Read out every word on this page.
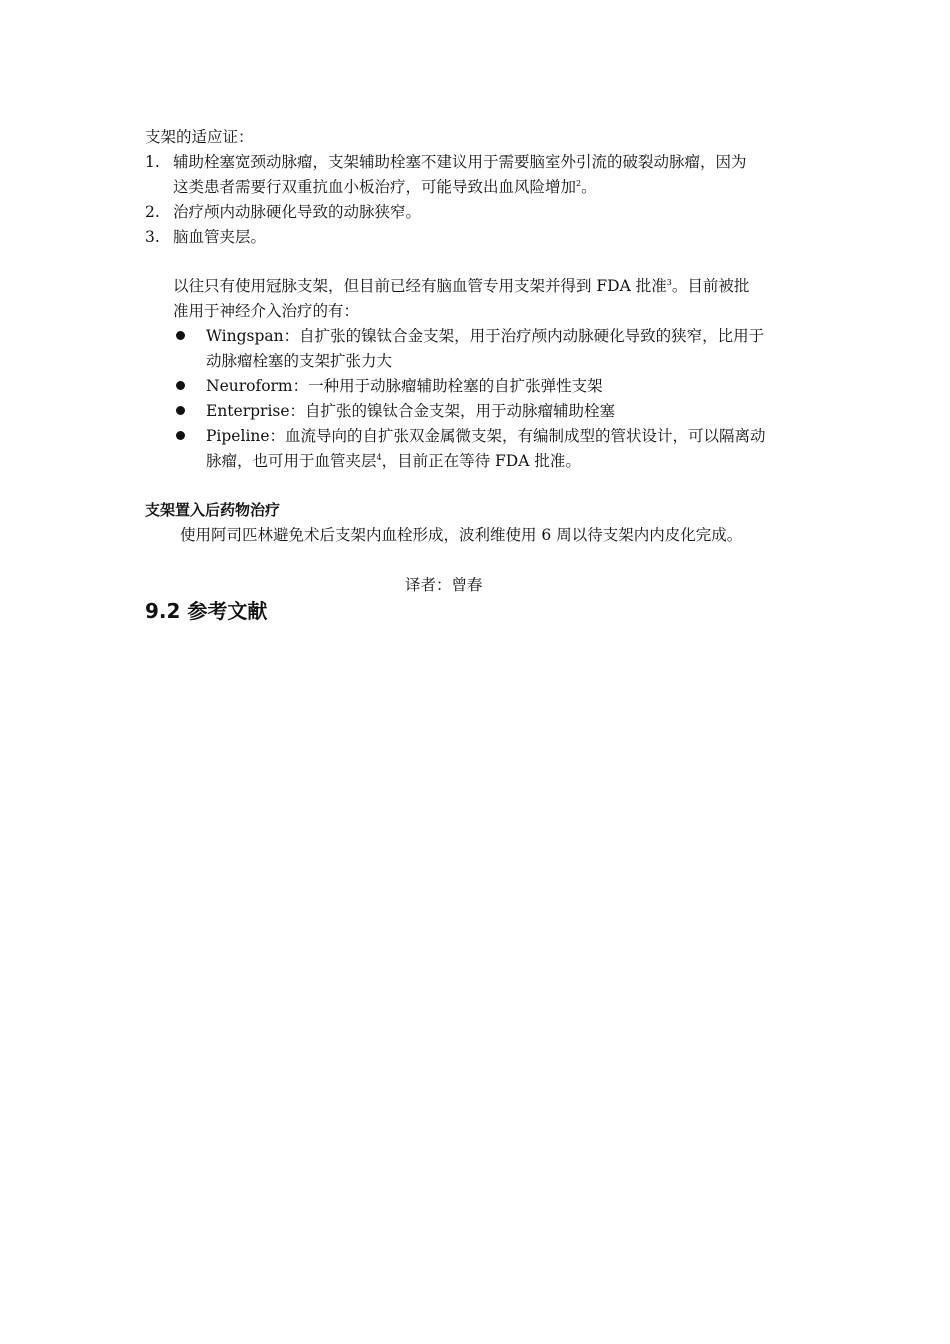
支架的适应证：
1. 辅助栓塞宽颈动脉瘤，支架辅助栓塞不建议用于需要脑室外引流的破裂动脉瘤，因为
这类患者需要行双重抗血小板治疗，可能导致出血风险增加$^2$。
2. 治疗颅内动脉硬化导致的动脉狭窄。
3. 脑血管夹层。
以往只有使用冠脉支架，但目前已经有脑血管专用支架并得到 FDA 批准$^3$。目前被批
准用于神经介入治疗的有：
Wingspan：自扩张的镍钛合金支架，用于治疗颅内动脉硬化导致的狭窄，比用于
动脉瘤栓塞的支架扩张力大
Neuroform：一种用于动脉瘤辅助栓塞的自扩张弹性支架
Enterprise：自扩张的镍钛合金支架，用于动脉瘤辅助栓塞
Pipeline：血流导向的自扩张双金属微支架，有编制成型的管状设计，可以隔离动
脉瘤，也可用于血管夹层$^4$，目前正在等待 FDA 批准。
支架置入后药物治疗
使用阿司匹林避免术后支架内血栓形成，波利维使用 6 周以待支架内内皮化完成。
译者：曾春
9.2 参考文献
